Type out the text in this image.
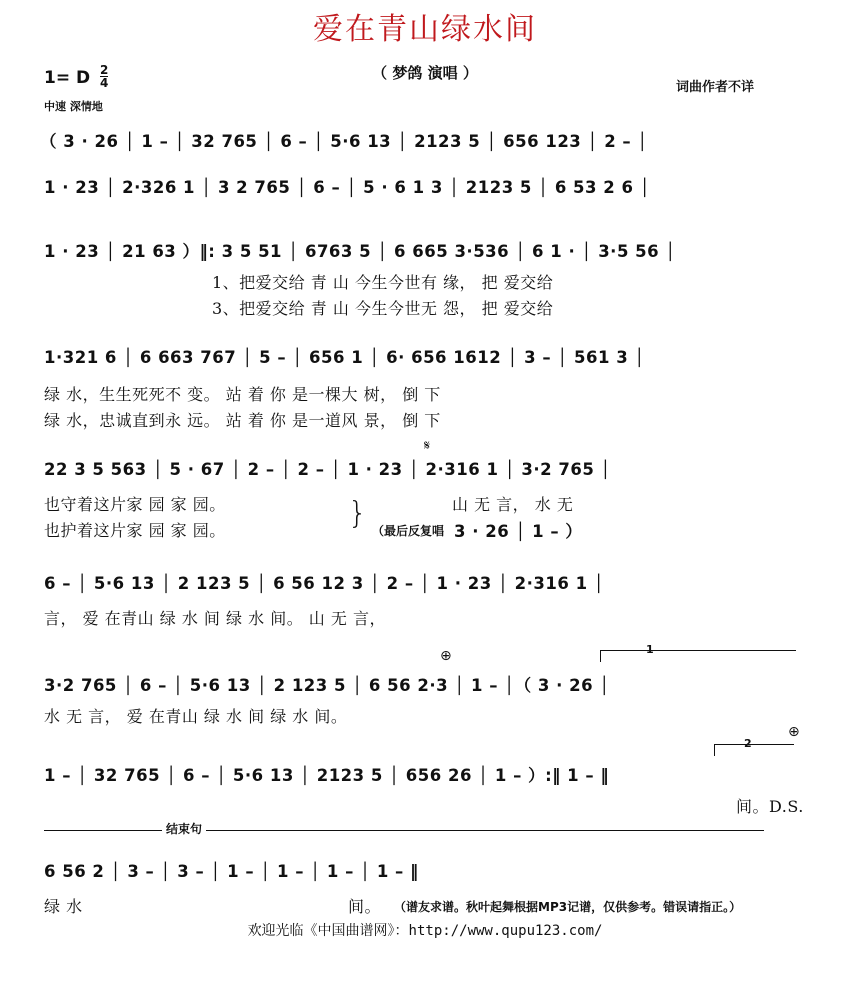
爱在青山绿水间
（ 梦鸽 演唱 ）
1= D 2
4
中速 深情地
词曲作者不详
（ 3 · 26 │ 1 – │ 32 765 │ 6 – │ 5·6 13 │ 2123 5 │ 656 123 │ 2 – │
1 · 23 │ 2·326 1 │ 3 2 765 │ 6 – │ 5 · 6 1 3 │ 2123 5 │ 6 53 2 6 │
1 · 23 │ 21 63 ）‖: 3 5 51 │ 6763 5 │ 6 665 3·536 │ 6 1 · │ 3·5 56 │
1、把爱交给 青 山 今生今世有 缘， 把 爱交给
3、把爱交给 青 山 今生今世无 怨， 把 爱交给
1·321 6 │ 6 663 767 │ 5 – │ 656 1 │ 6· 656 1612 │ 3 – │ 561 3 │
绿 水，生生死死不 变。 站 着 你 是一棵大 树， 倒 下
绿 水，忠诚直到永 远。 站 着 你 是一道风 景， 倒 下
22 3 5 563 │ 5 · 67 │ 2 – │ 2 – │ 1 · 23 │ 2·316 1 │ 3·2 765 │
也守着这片家 园 家 园。
也护着这片家 园 家 园。	}	山 无 言， 水 无
（最后反复唱 3 · 26 │ 1 – ）
𝄋
6 – │ 5·6 13 │ 2 123 5 │ 6 56 12 3 │ 2 – │ 1 · 23 │ 2·316 1 │
言， 爱 在青山 绿 水 间 绿 水 间。 山 无 言，
⊕	1
3·2 765 │ 6 – │ 5·6 13 │ 2 123 5 │ 6 56 2·3 │ 1 – │（ 3 · 26 │
水 无 言， 爱 在青山 绿 水 间 绿 水 间。
⊕
2
1 – │ 32 765 │ 6 – │ 5·6 13 │ 2123 5 │ 656 26 │ 1 – ）:‖ 1 – ‖
间。D.S.
结束句
6 56 2 │ 3 – │ 3 – │ 1 – │ 1 – │ 1 – │ 1 – ‖
绿 水	间。 （谱友求谱。秋叶起舞根据MP3记谱，仅供参考。错误请指正。）
欢迎光临《中国曲谱网》：http://www.qupu123.com/
